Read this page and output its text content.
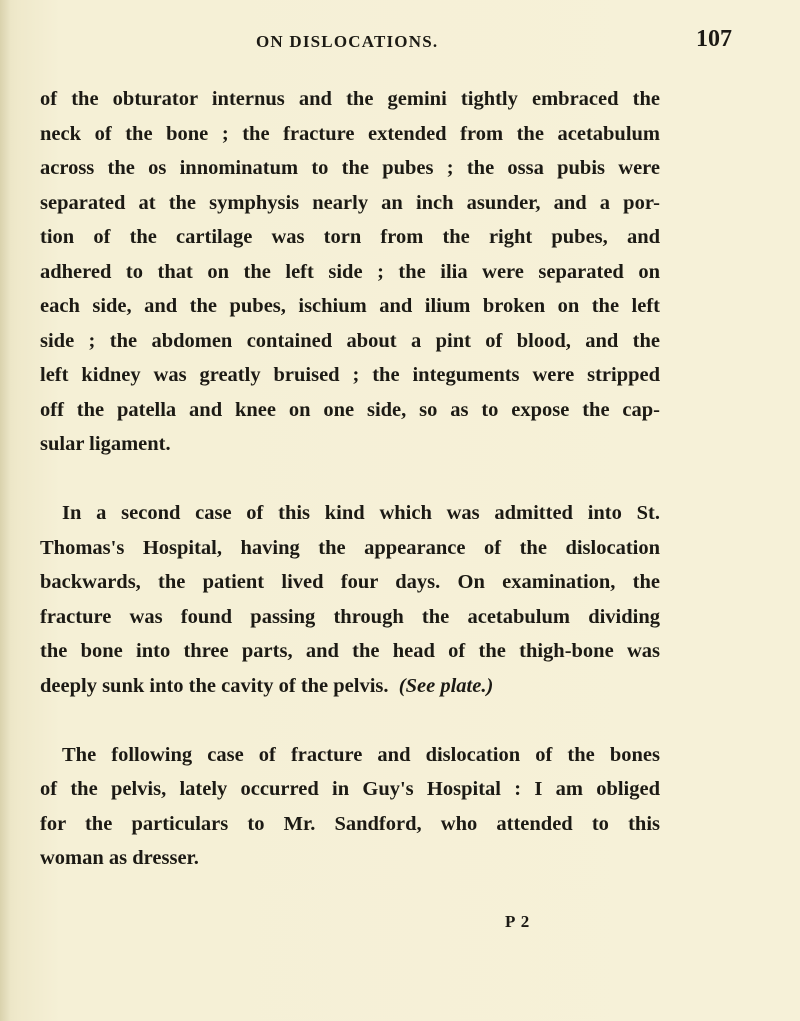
ON DISLOCATIONS.	107
of the obturator internus and the gemini tightly embraced the
neck of the bone ; the fracture extended from the acetabulum
across the os innominatum to the pubes ; the ossa pubis were
separated at the symphysis nearly an inch asunder, and a por-
tion of the cartilage was torn from the right pubes, and
adhered to that on the left side ; the ilia were separated on
each side, and the pubes, ischium and ilium broken on the left
side ; the abdomen contained about a pint of blood, and the
left kidney was greatly bruised ; the integuments were stripped
off the patella and knee on one side, so as to expose the cap-
sular ligament.
In a second case of this kind which was admitted into St.
Thomas's Hospital, having the appearance of the dislocation
backwards, the patient lived four days. On examination, the
fracture was found passing through the acetabulum dividing
the bone into three parts, and the head of the thigh-bone was
deeply sunk into the cavity of the pelvis. (See plate.)
The following case of fracture and dislocation of the bones
of the pelvis, lately occurred in Guy's Hospital : I am obliged
for the particulars to Mr. Sandford, who attended to this
woman as dresser.
P 2
